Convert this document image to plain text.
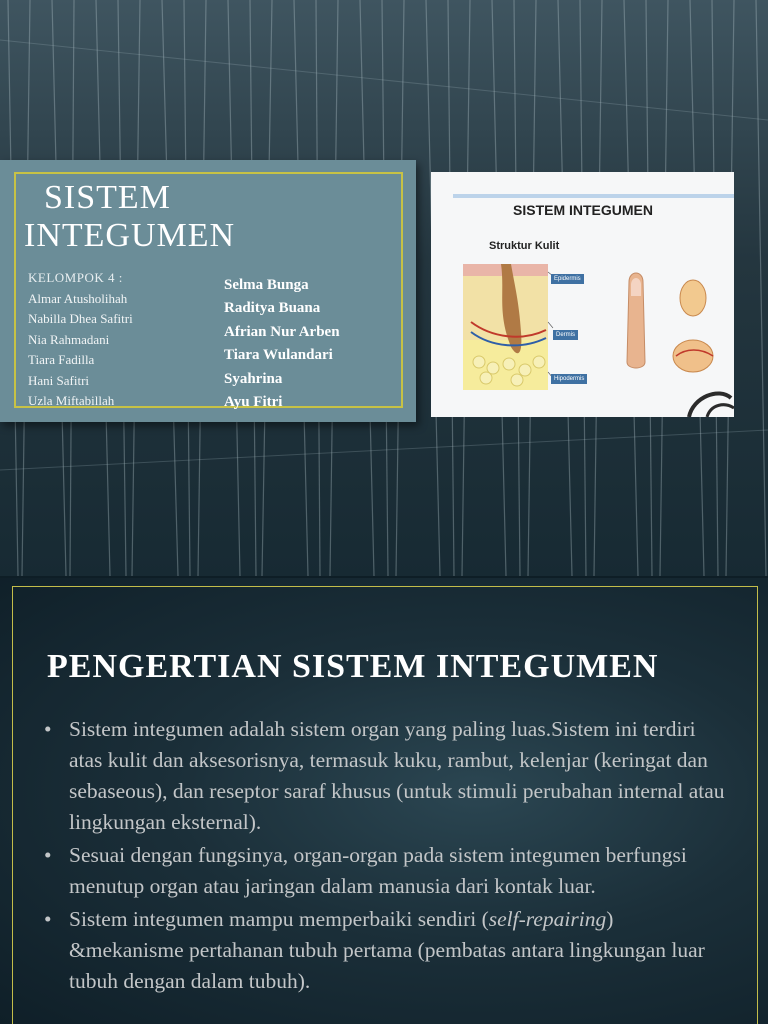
SISTEM
INTEGUMEN
KELOMPOK 4 :
Almar Atusholihah
Nabilla Dhea Safitri
Nia Rahmadani
Tiara Fadilla
Hani Safitri
Uzla Miftabillah
Selma Bunga
Raditya Buana
Afrian Nur Arben
Tiara Wulandari
Syahrina
Ayu Fitri
SISTEM INTEGUMEN
Struktur Kulit
Epidermis
Dermis
Hipodermis
PENGERTIAN SISTEM INTEGUMEN
• Sistem integumen adalah sistem organ yang paling luas.Sistem ini terdiri atas kulit dan aksesorisnya, termasuk kuku, rambut, kelenjar (keringat dan sebaseous), dan reseptor saraf khusus (untuk stimuli perubahan internal atau lingkungan eksternal).
• Sesuai dengan fungsinya, organ-organ pada sistem integumen berfungsi menutup organ atau jaringan dalam manusia dari kontak luar.
• Sistem integumen mampu memperbaiki sendiri (self-repairing) &mekanisme pertahanan tubuh pertama (pembatas antara lingkungan luar tubuh dengan dalam tubuh).
